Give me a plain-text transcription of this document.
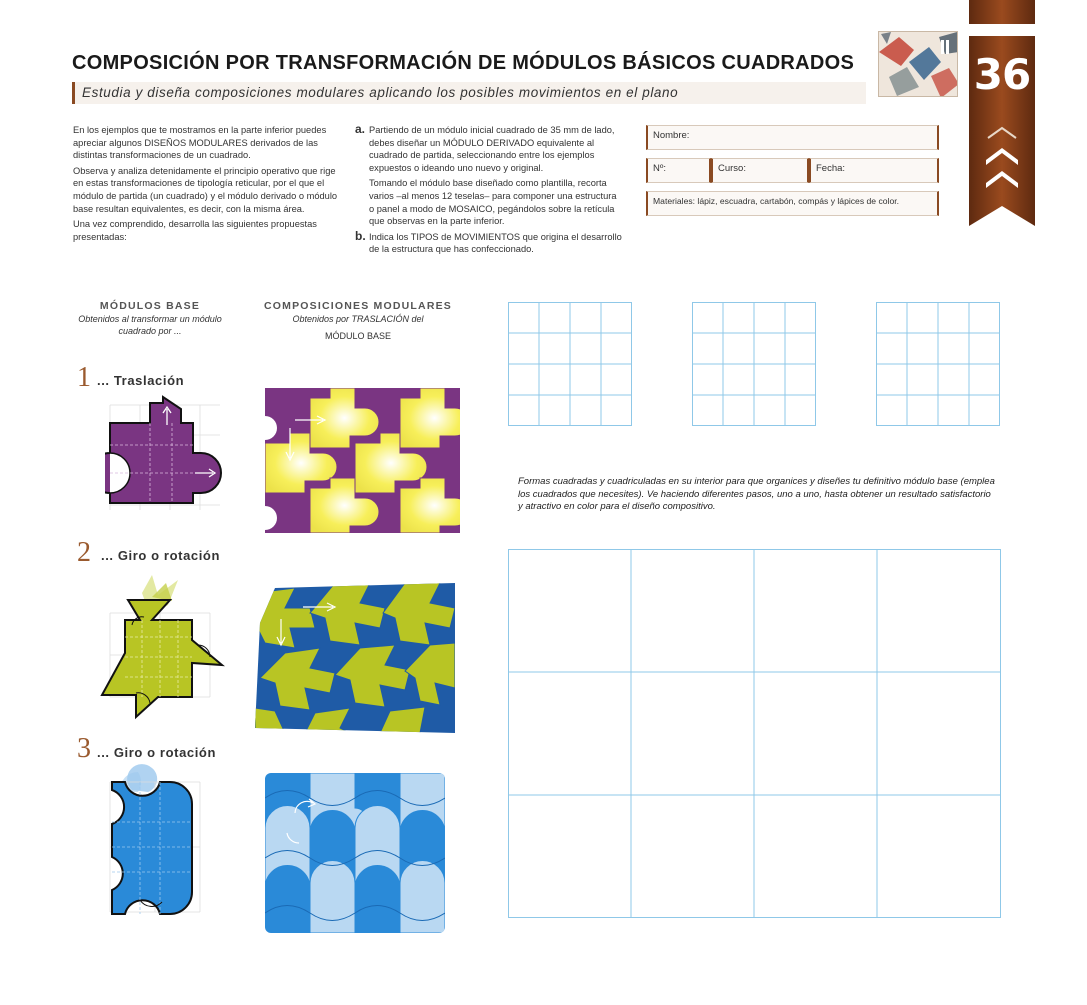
COMPOSICIÓN POR TRANSFORMACIÓN DE MÓDULOS BÁSICOS CUADRADOS
Estudia y diseña composiciones modulares aplicando los posibles movimientos en el plano	36

En los ejemplos que te mostramos en la parte inferior puedes apreciar algunos DISEÑOS MODULARES derivados de las distintas transformaciones de un cuadrado.

Observa y analiza detenidamente el principio operativo que rige en estas transformaciones de tipología reticular, por el que el módulo de partida (un cuadrado) y el módulo derivado o módulo base resultan equivalentes, es decir, con la misma área.

Una vez comprendido, desarrolla las siguientes propuestas presentadas:

a. Partiendo de un módulo inicial cuadrado de 35 mm de lado, debes diseñar un MÓDULO DERIVADO equivalente al cuadrado de partida, seleccionando entre los ejemplos expuestos o ideando uno nuevo y original.

Tomando el módulo base diseñado como plantilla, recorta varios –al menos 12 teselas– para componer una estructura o panel a modo de MOSAICO, pegándolos sobre la retícula que observas en la parte inferior.

b. Indica los TIPOS de MOVIMIENTOS que origina el desarrollo de la estructura que has confeccionado.

Nombre:
Nº:	Curso:	Fecha:
Materiales: lápiz, escuadra, cartabón, compás y lápices de color.
MÓDULOS BASE
Obtenidos al transformar un módulo cuadrado por ...
COMPOSICIONES MODULARES
Obtenidos por TRASLACIÓN del
MÓDULO BASE
1 ... Traslación
2 ... Giro o rotación
3 ... Giro o rotación
Formas cuadradas y cuadriculadas en su interior para que organices y diseñes tu definitivo módulo base (emplea los cuadrados que necesites). Ve haciendo diferentes pasos, uno a uno, hasta obtener un resultado satisfactorio y atractivo en color para el diseño compositivo.
